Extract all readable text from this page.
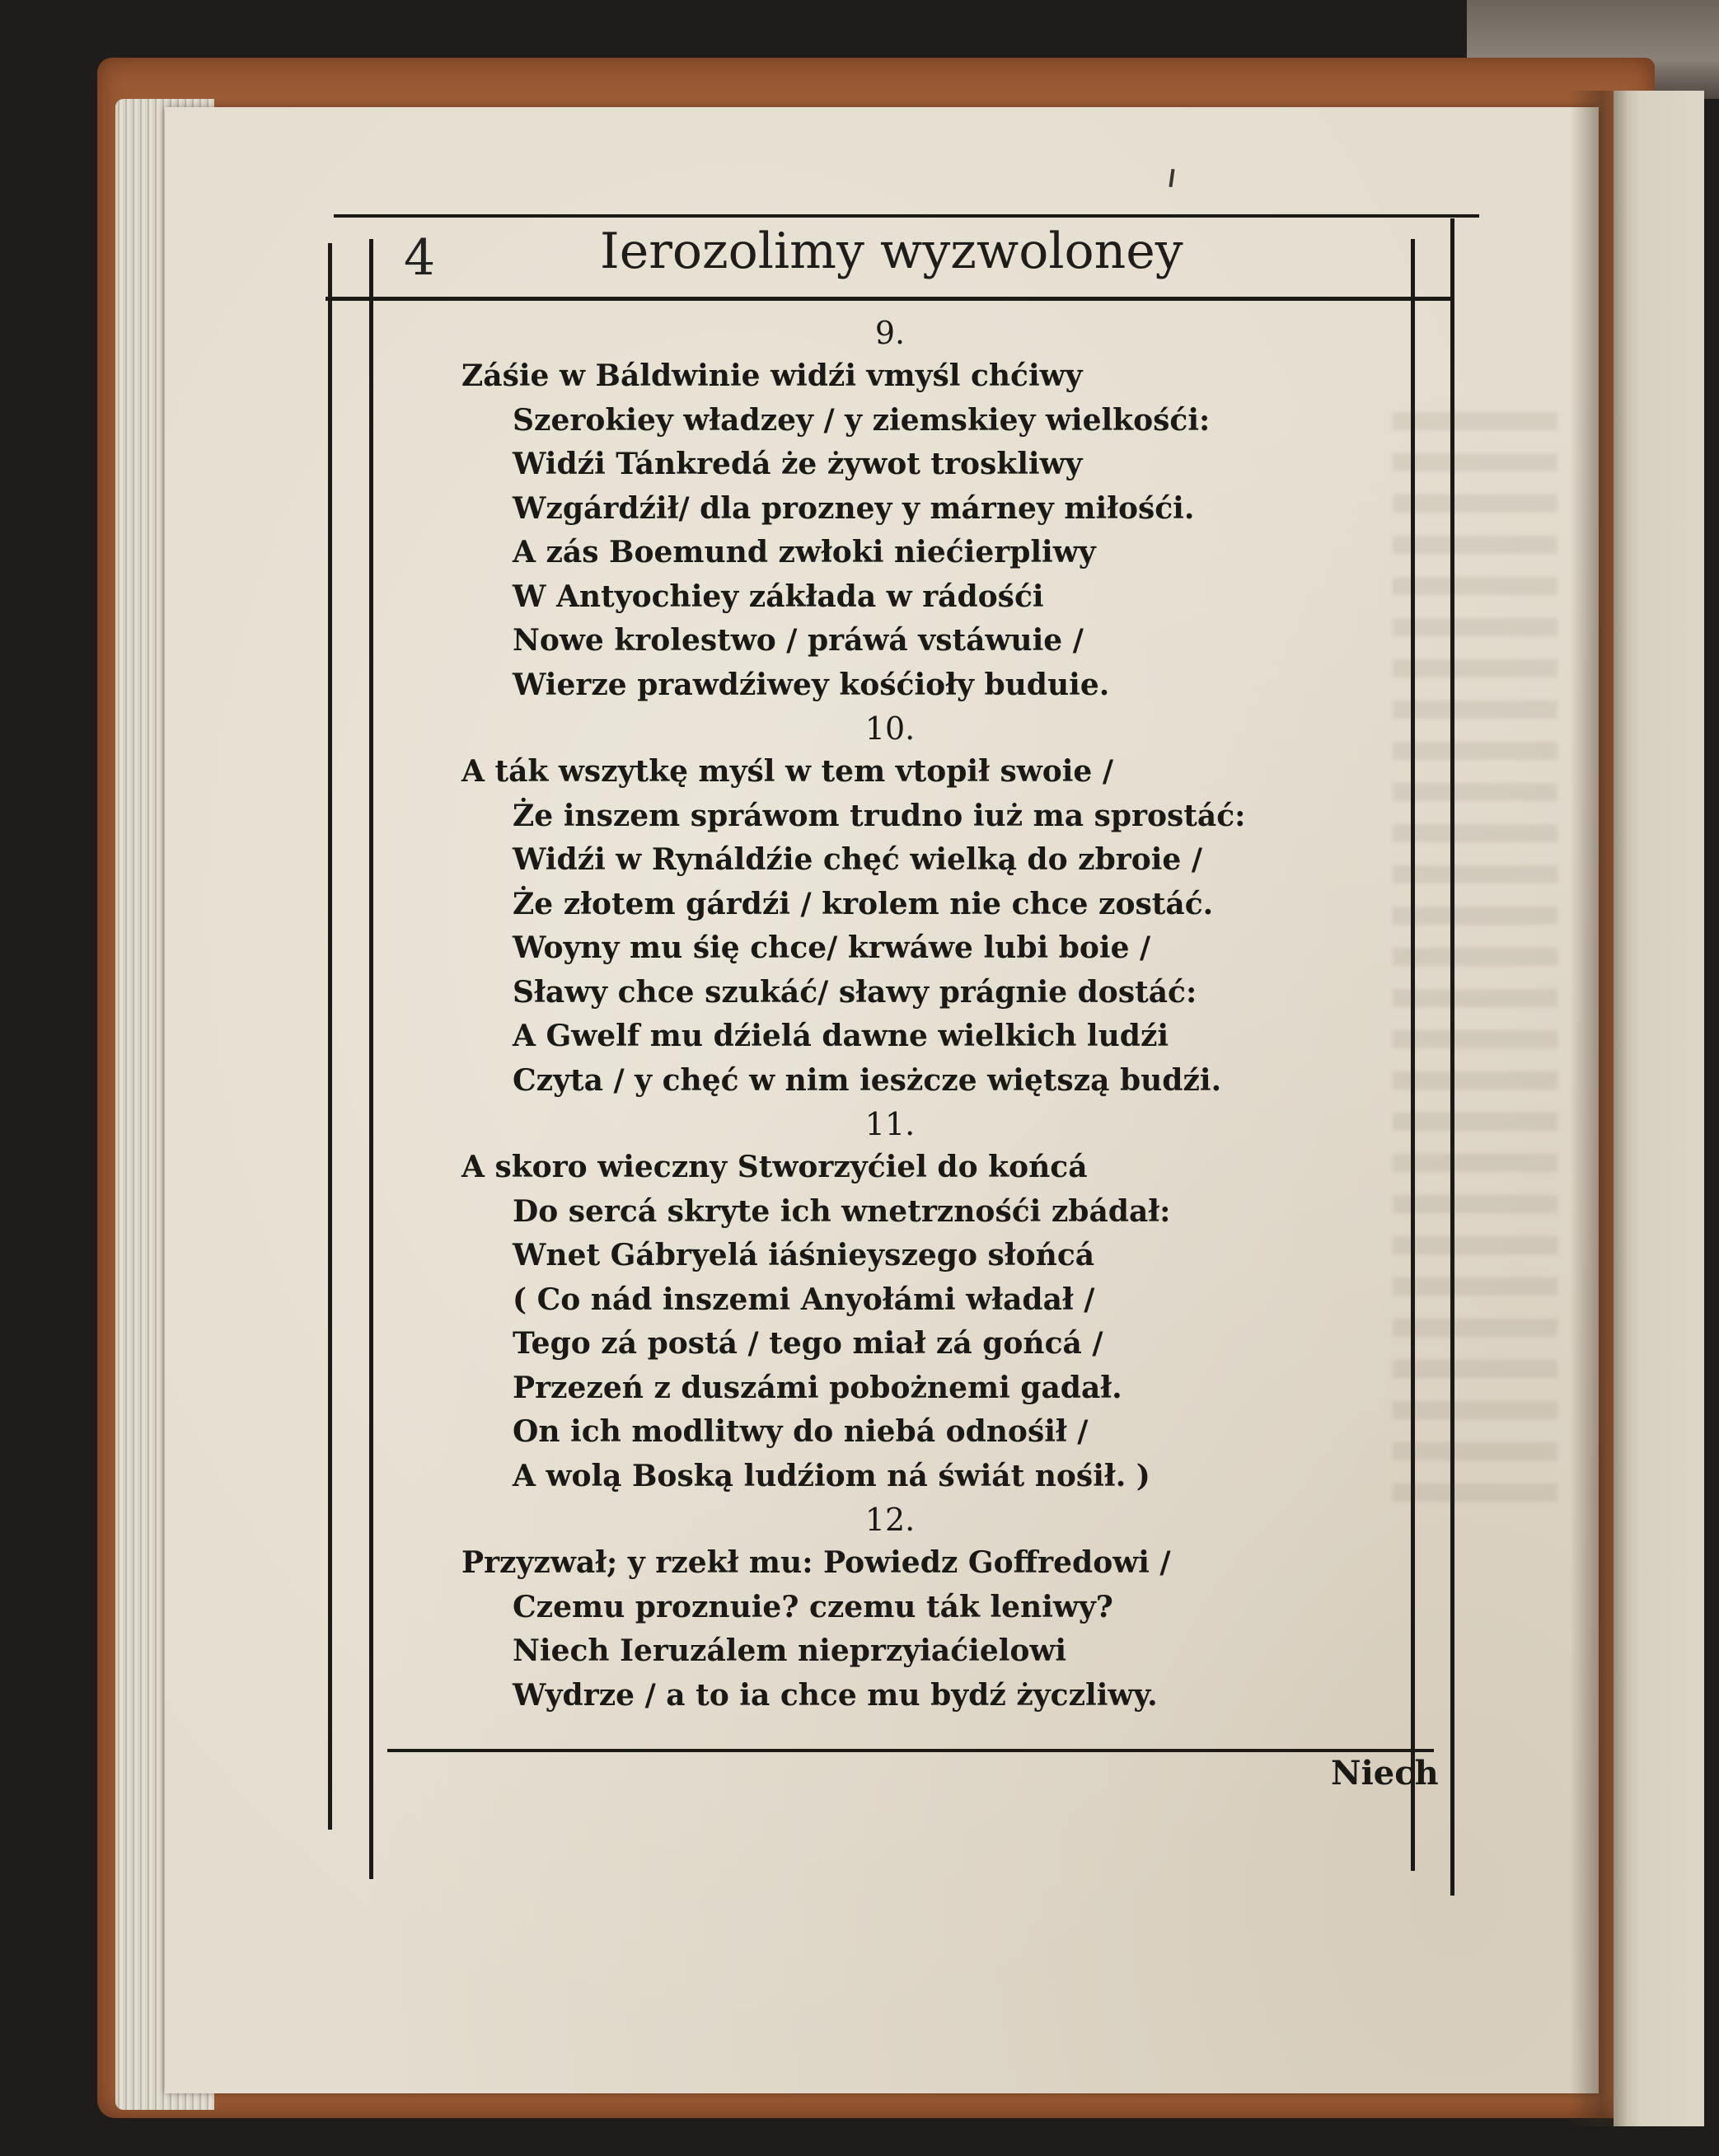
4	Ierozolimy wyzwoloney
9.
Záśie w Báldwinie widźi vmyśl chćiwy
Szerokiey władzey / y ziemskiey wielkośći:
Widźi Tánkredá że żywot troskliwy
Wzgárdźił/ dla prozney y márney miłośći.
A zás Boemund zwłoki niećierpliwy
W Antyochiey zákłada w rádośći
Nowe krolestwo / práwá vstáwuie /
Wierze prawdźiwey kośćioły buduie.
10.
A ták wszytkę myśl w tem vtopił swoie /
Że inszem spráwom trudno iuż ma sprostáć:
Widźi w Rynáldźie chęć wielką do zbroie /
Że złotem gárdźi / krolem nie chce zostáć.
Woyny mu śię chce/ krwáwe lubi boie /
Sławy chce szukáć/ sławy prágnie dostáć:
A Gwelf mu dźielá dawne wielkich ludźi
Czyta / y chęć w nim iesżcze więtszą budźi.
11.
A skoro wieczny Stworzyćiel do końcá
Do sercá skryte ich wnetrznośći zbádał:
Wnet Gábryelá iáśnieyszego słońcá
( Co nád inszemi Anyołámi władał /
Tego zá postá / tego miał zá gońcá /
Przezeń z duszámi pobożnemi gadał.
On ich modlitwy do niebá odnośił /
A wolą Boską ludźiom ná świát nośił. )
12.
Przyzwał; y rzekł mu: Powiedz Goffredowi /
Czemu proznuie? czemu ták leniwy?
Niech Ieruzálem nieprzyiaćielowi
Wydrze / a to ia chce mu bydź życzliwy.
Niech
